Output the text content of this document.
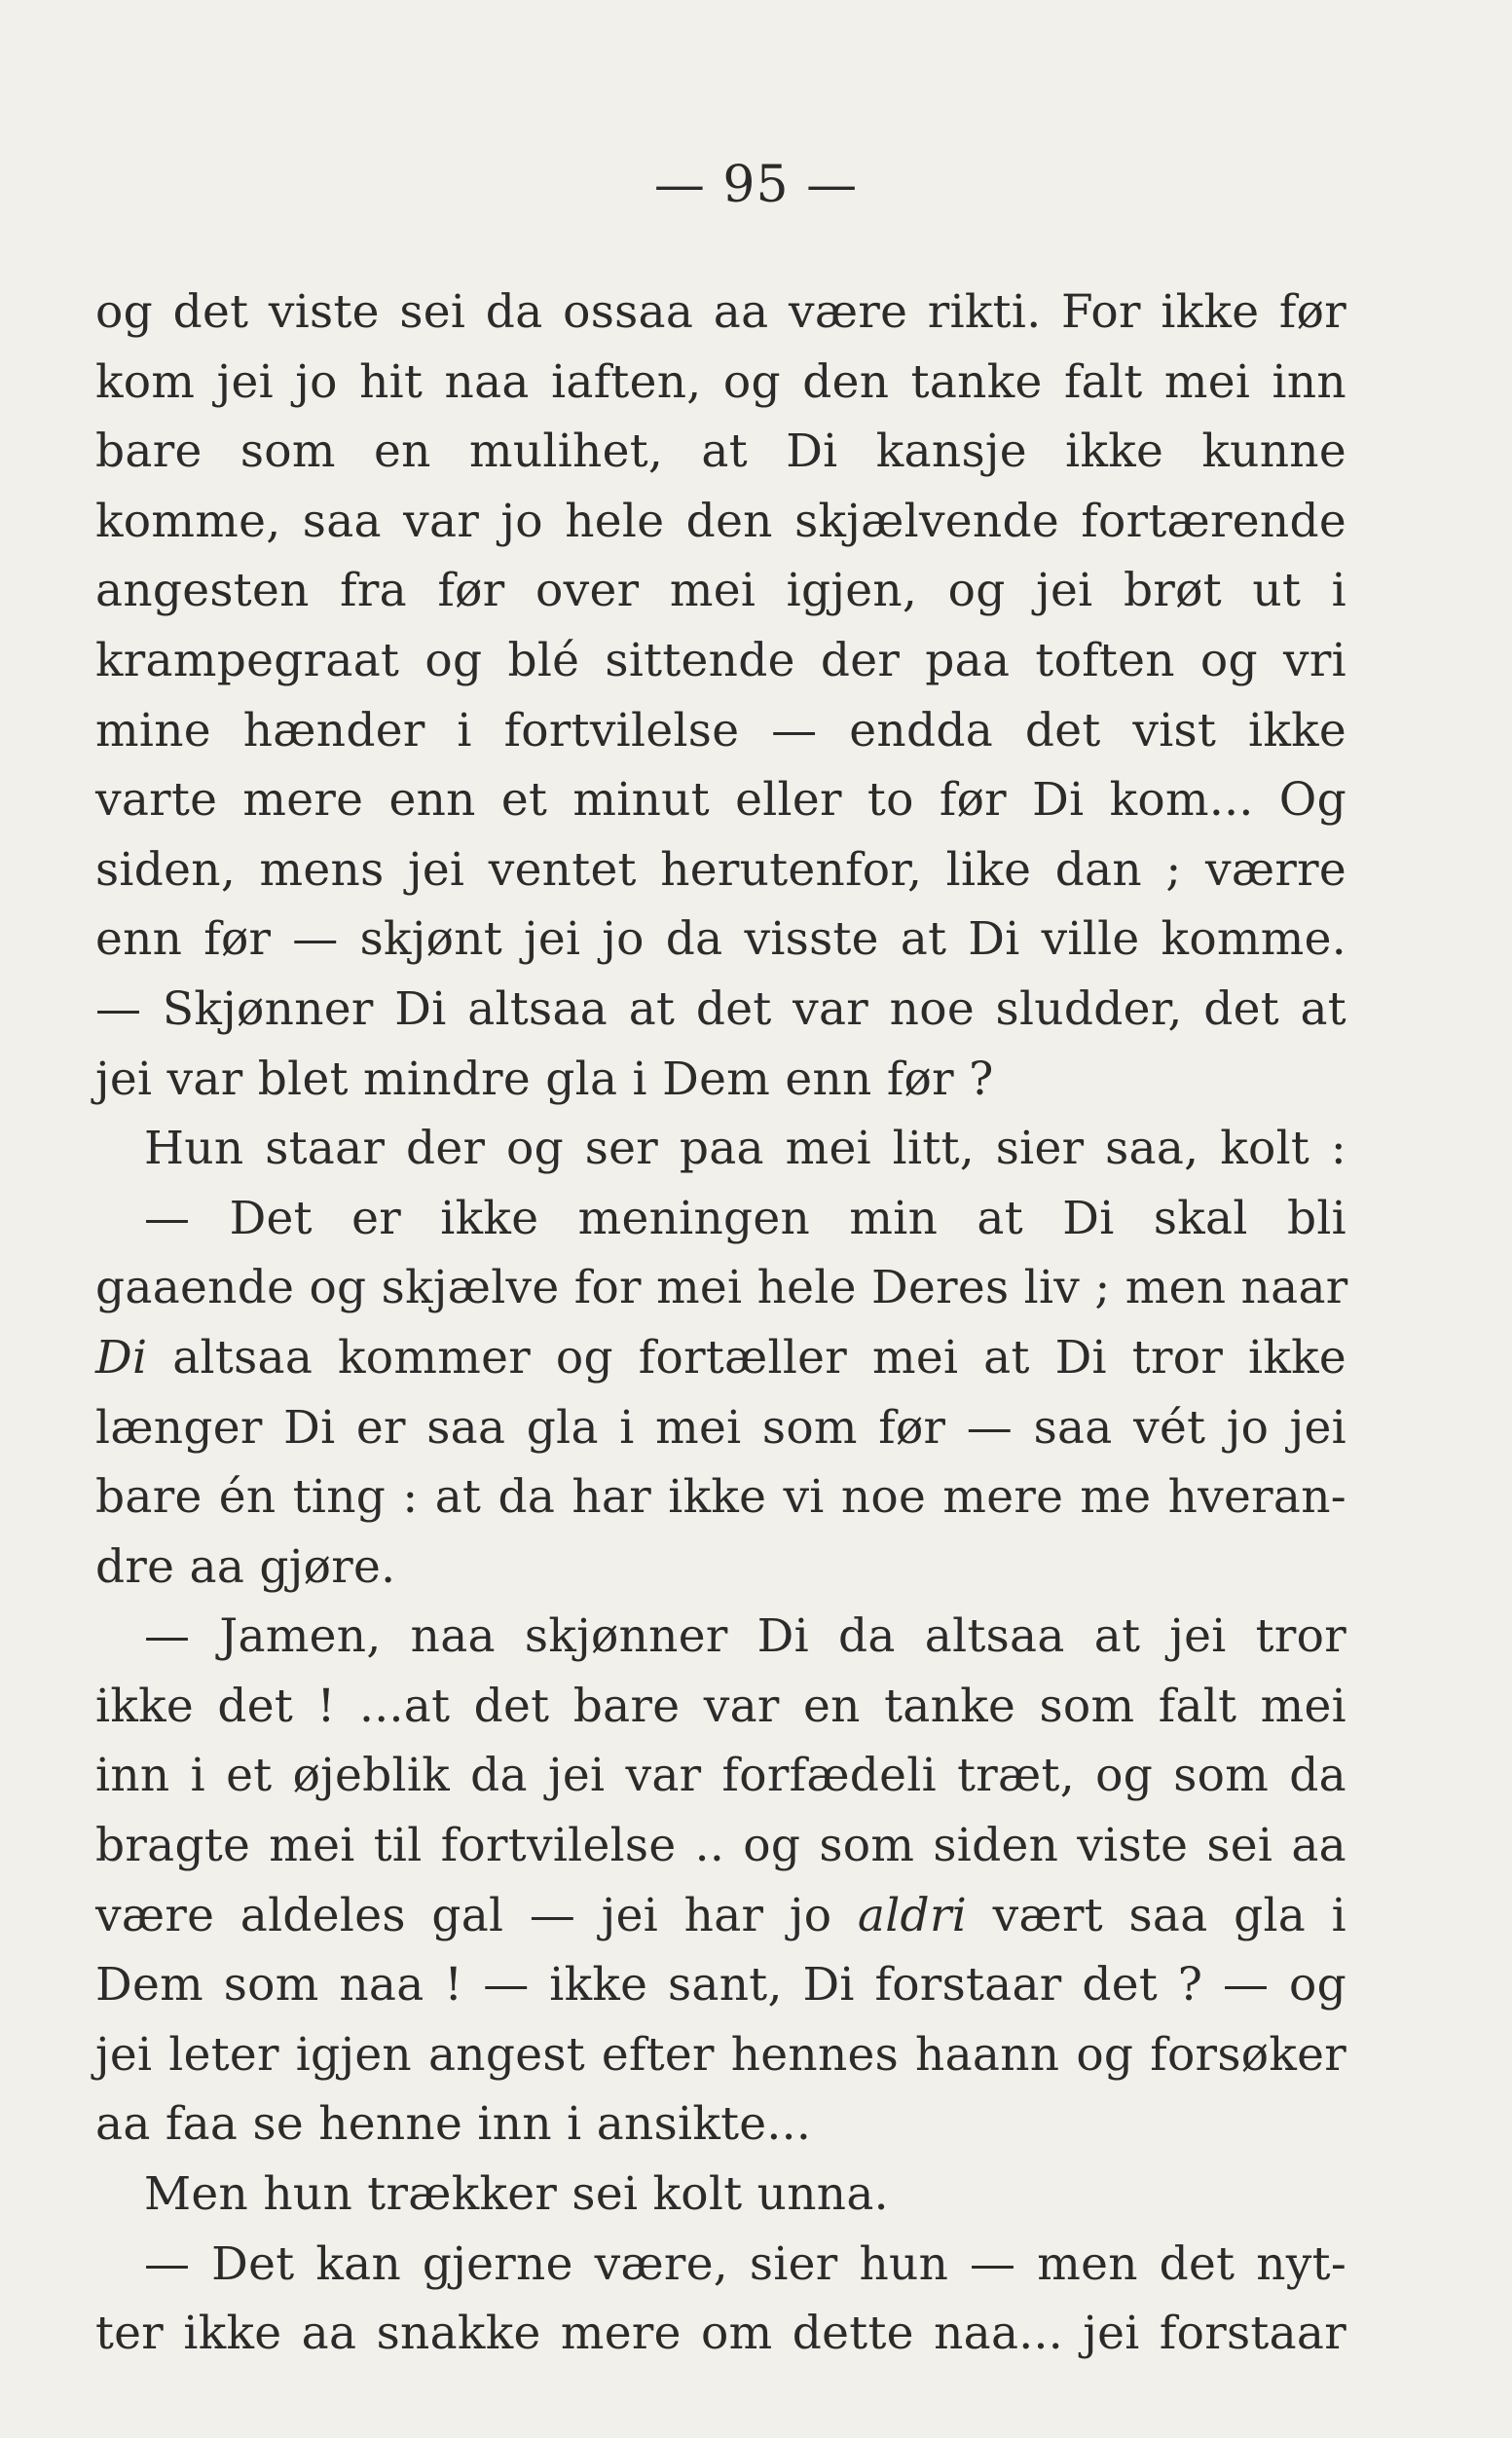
— 95 —
og det viste sei da ossaa aa være rikti. For ikke før
kom jei jo hit naa iaften, og den tanke falt mei inn
bare som en mulihet, at Di kansje ikke kunne
komme, saa var jo hele den skjælvende fortærende
angesten fra før over mei igjen, og jei brøt ut i
krampegraat og blé sittende der paa toften og vri
mine hænder i fortvilelse — endda det vist ikke
varte mere enn et minut eller to før Di kom... Og
siden, mens jei ventet herutenfor, like dan ; værre
enn før — skjønt jei jo da visste at Di ville komme.
— Skjønner Di altsaa at det var noe sludder, det at
jei var blet mindre gla i Dem enn før ?
Hun staar der og ser paa mei litt, sier saa, kolt :
— Det er ikke meningen min at Di skal bli
gaaende og skjælve for mei hele Deres liv ; men naar
Di altsaa kommer og fortæller mei at Di tror ikke
længer Di er saa gla i mei som før — saa vét jo jei
bare én ting : at da har ikke vi noe mere me hveran-
dre aa gjøre.
— Jamen, naa skjønner Di da altsaa at jei tror
ikke det ! ...at det bare var en tanke som falt mei
inn i et øjeblik da jei var forfædeli træt, og som da
bragte mei til fortvilelse .. og som siden viste sei aa
være aldeles gal — jei har jo aldri vært saa gla i
Dem som naa ! — ikke sant, Di forstaar det ? — og
jei leter igjen angest efter hennes haann og forsøker
aa faa se henne inn i ansikte...
Men hun trækker sei kolt unna.
— Det kan gjerne være, sier hun — men det nyt-
ter ikke aa snakke mere om dette naa... jei forstaar
